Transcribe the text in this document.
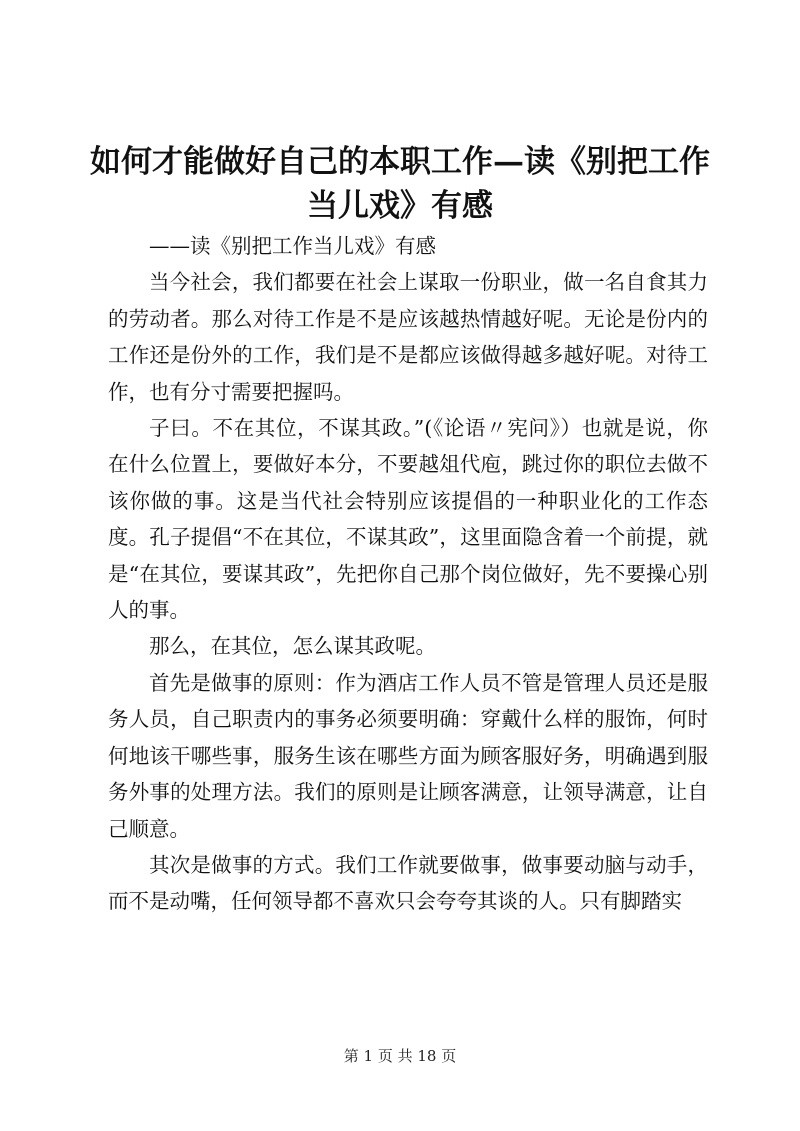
如何才能做好自己的本职工作—读《别把工作当儿戏》有感

——读《别把工作当儿戏》有感

当今社会，我们都要在社会上谋取一份职业，做一名自食其力的劳动者。那么对待工作是不是应该越热情越好呢。无论是份内的工作还是份外的工作，我们是不是都应该做得越多越好呢。对待工作，也有分寸需要把握吗。

子曰。不在其位，不谋其政。”(《论语〃宪问》）也就是说，你在什么位置上，要做好本分，不要越俎代庖，跳过你的职位去做不该你做的事。这是当代社会特别应该提倡的一种职业化的工作态度。孔子提倡“不在其位，不谋其政”，这里面隐含着一个前提，就是“在其位，要谋其政”，先把你自己那个岗位做好，先不要操心别人的事。

那么，在其位，怎么谋其政呢。

首先是做事的原则：作为酒店工作人员不管是管理人员还是服务人员，自己职责内的事务必须要明确：穿戴什么样的服饰，何时何地该干哪些事，服务生该在哪些方面为顾客服好务，明确遇到服务外事的处理方法。我们的原则是让顾客满意，让领导满意，让自己顺意。

其次是做事的方式。我们工作就要做事，做事要动脑与动手，而不是动嘴，任何领导都不喜欢只会夸夸其谈的人。只有脚踏实

第 1 页 共 18 页
